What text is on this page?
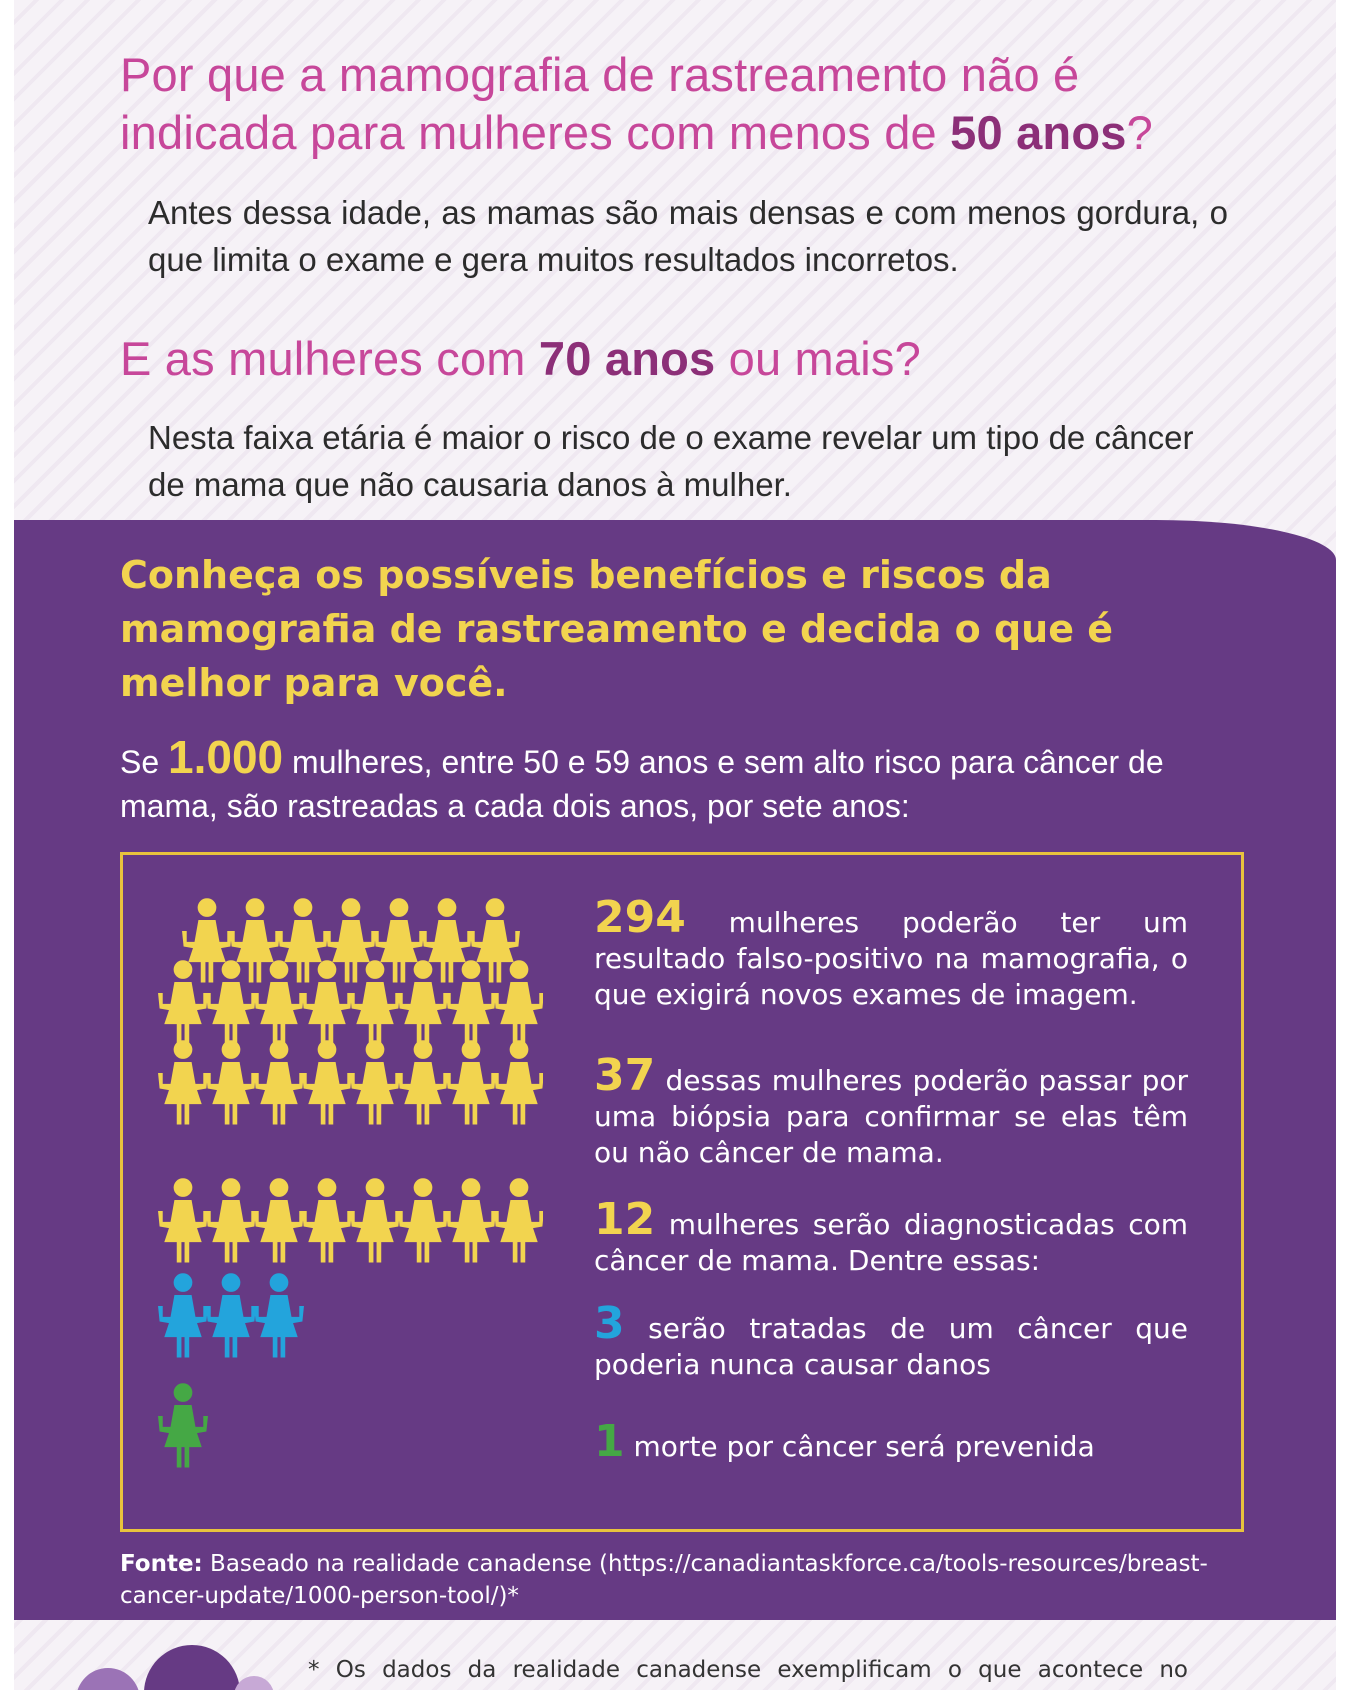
Por que a mamografia de rastreamento não é indicada para mulheres com menos de 50 anos?

Antes dessa idade, as mamas são mais densas e com menos gordura, o que limita o exame e gera muitos resultados incorretos.

E as mulheres com 70 anos ou mais?

Nesta faixa etária é maior o risco de o exame revelar um tipo de câncer de mama que não causaria danos à mulher.

Conheça os possíveis benefícios e riscos da mamografia de rastreamento e decida o que é melhor para você.

Se 1.000 mulheres, entre 50 e 59 anos e sem alto risco para câncer de mama, são rastreadas a cada dois anos, por sete anos:

294 mulheres poderão ter um resultado falso-positivo na mamografia, o que exigirá novos exames de imagem.

37 dessas mulheres poderão passar por uma biópsia para confirmar se elas têm ou não câncer de mama.

12 mulheres serão diagnosticadas com câncer de mama. Dentre essas:

3 serão tratadas de um câncer que poderia nunca causar danos

1 morte por câncer será prevenida

Fonte: Baseado na realidade canadense (https://canadiantaskforce.ca/tools-resources/breast-cancer-update/1000-person-tool/)*

* Os dados da realidade canadense exemplificam o que acontece no
